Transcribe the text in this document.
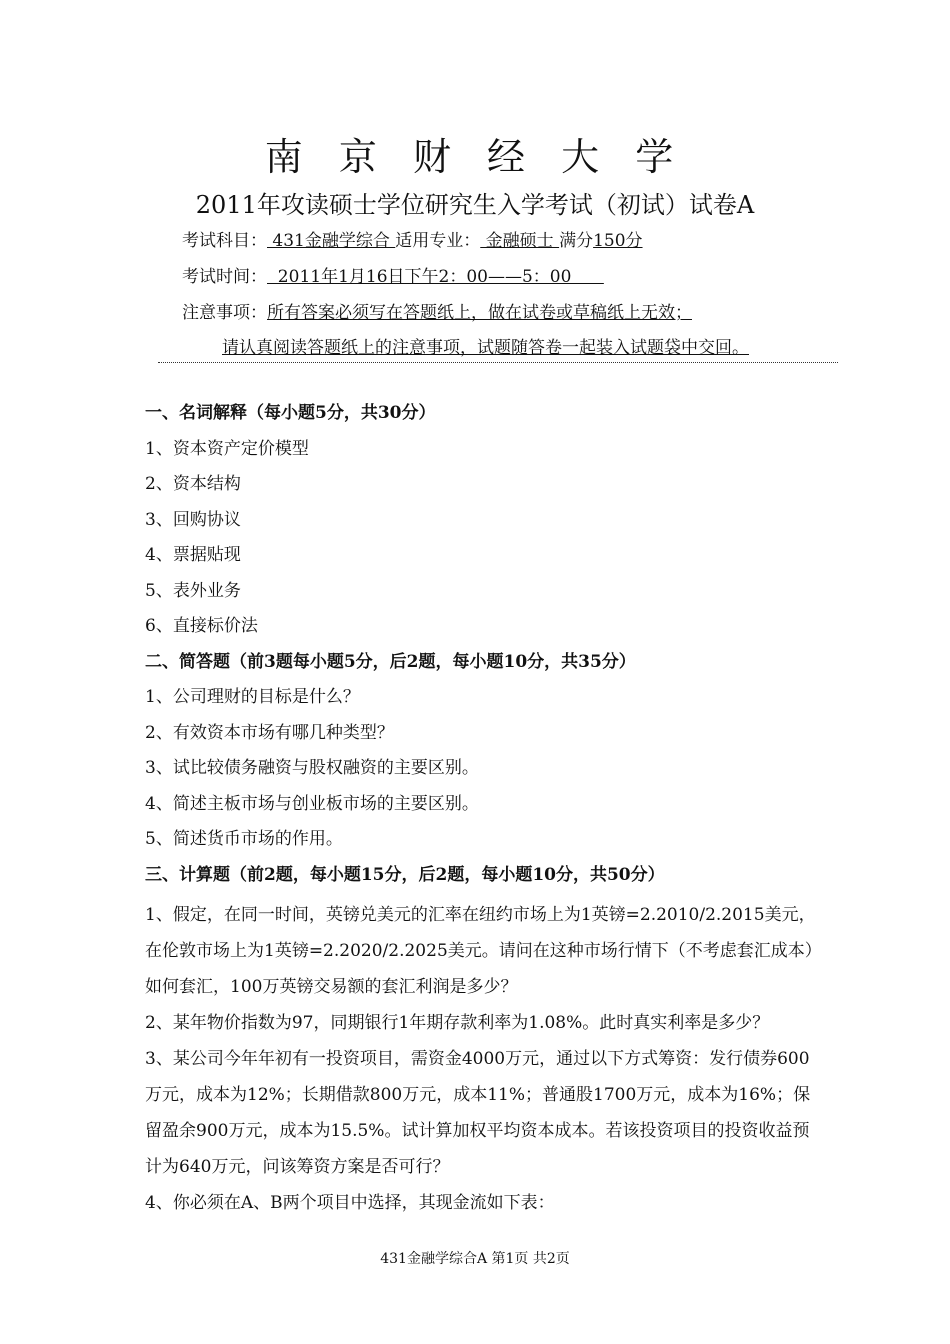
南 京 财 经 大 学
2011年攻读硕士学位研究生入学考试（初试）试卷A
考试科目： 431金融学综合 适用专业： 金融硕士 满分150分
考试时间：  2011年1月16日下午2：00——5：00
注意事项：所有答案必须写在答题纸上，做在试卷或草稿纸上无效；
请认真阅读答题纸上的注意事项，试题随答卷一起装入试题袋中交回。
一、名词解释（每小题5分，共30分）
1、资本资产定价模型
2、资本结构
3、回购协议
4、票据贴现
5、表外业务
6、直接标价法
二、简答题（前3题每小题5分，后2题，每小题10分，共35分）
1、公司理财的目标是什么？
2、有效资本市场有哪几种类型？
3、试比较债务融资与股权融资的主要区别。
4、简述主板市场与创业板市场的主要区别。
5、简述货币市场的作用。
三、计算题（前2题，每小题15分，后2题，每小题10分，共50分）

1、假定，在同一时间，英镑兑美元的汇率在纽约市场上为1英镑=2.2010/2.2015美元，在伦敦市场上为1英镑=2.2020/2.2025美元。请问在这种市场行情下（不考虑套汇成本）如何套汇，100万英镑交易额的套汇利润是多少？

2、某年物价指数为97，同期银行1年期存款利率为1.08%。此时真实利率是多少？

3、某公司今年年初有一投资项目，需资金4000万元，通过以下方式筹资：发行债券600万元，成本为12%；长期借款800万元，成本11%；普通股1700万元，成本为16%；保留盈余900万元，成本为15.5%。试计算加权平均资本成本。若该投资项目的投资收益预计为640万元，问该筹资方案是否可行？

4、你必须在A、B两个项目中选择，其现金流如下表：

431金融学综合A 第1页 共2页
